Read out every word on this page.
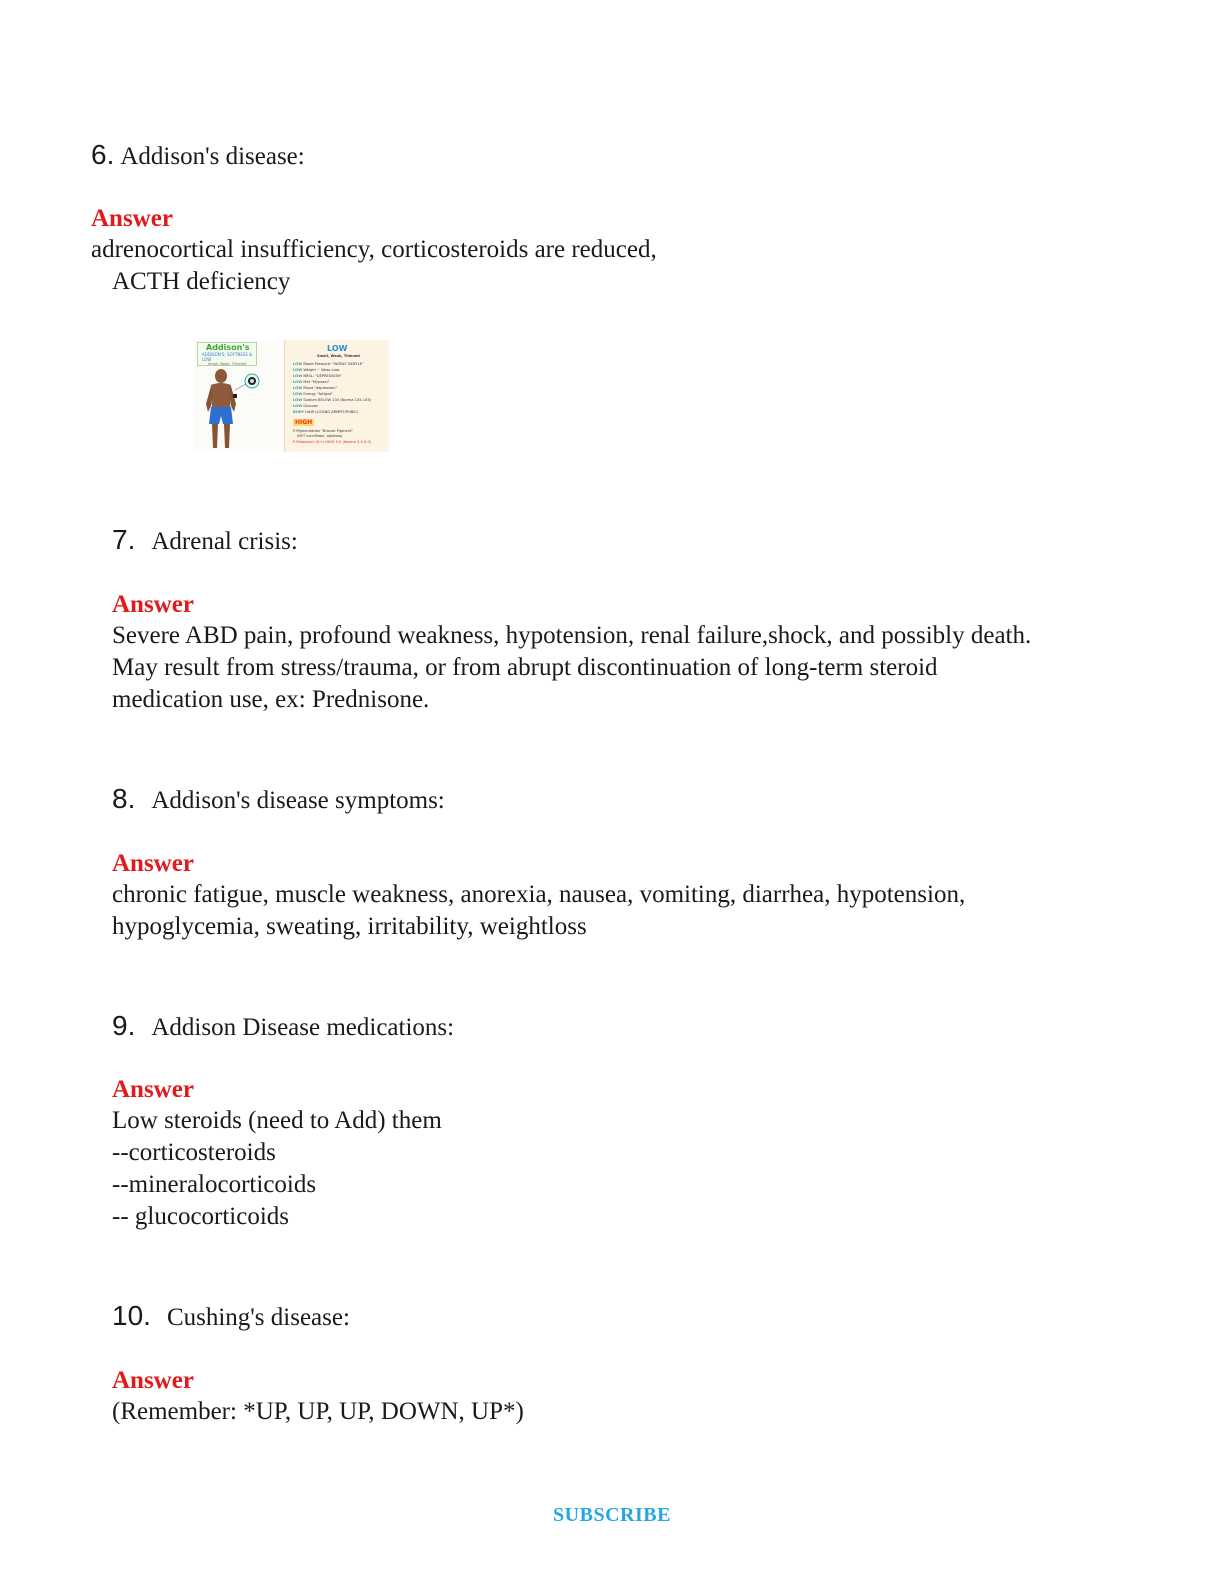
6. Addison's disease:
Answer
adrenocortical insufficiency, corticosteroids are reduced,
ACTH deficiency
Addison's
ADDISON'S: SOFTNESS & LOW
Small, Weak, Thinned
· · · ·
LOW
Small, Weak, Thinned
LOW Blood Pressure: "WOBLY GENTLE"
LOW Weight ~ Wear Loss
LOW NRSL: "DEPRESSION"
LOW Met "Mypasin"
LOW Mood "depression"
LOW Energy "fatigue"
LOW Sodium BELOW 135 (Norma 135-145)
LOW Glucose
BODY HAIR (LOSING ARMPIT/PUBIC)
HIGH
P-Pigmentation "Bronze Pigment"
(NOT sunniflower, tightness)
P-Potassium (K+) HIGH 5.0 (Norma 3.5-5.0)
7. Adrenal crisis:
Answer
Severe ABD pain, profound weakness, hypotension, renal failure,shock, and possibly death.
May result from stress/trauma, or from abrupt discontinuation of long-term steroid
medication use, ex: Prednisone.
8. Addison's disease symptoms:
Answer
chronic fatigue, muscle weakness, anorexia, nausea, vomiting, diarrhea, hypotension,
hypoglycemia, sweating, irritability, weightloss
9. Addison Disease medications:
Answer
Low steroids (need to Add) them
--corticosteroids
--mineralocorticoids
-- glucocorticoids
10. Cushing's disease:
Answer
(Remember: *UP, UP, UP, DOWN, UP*)
SUBSCRIBE
